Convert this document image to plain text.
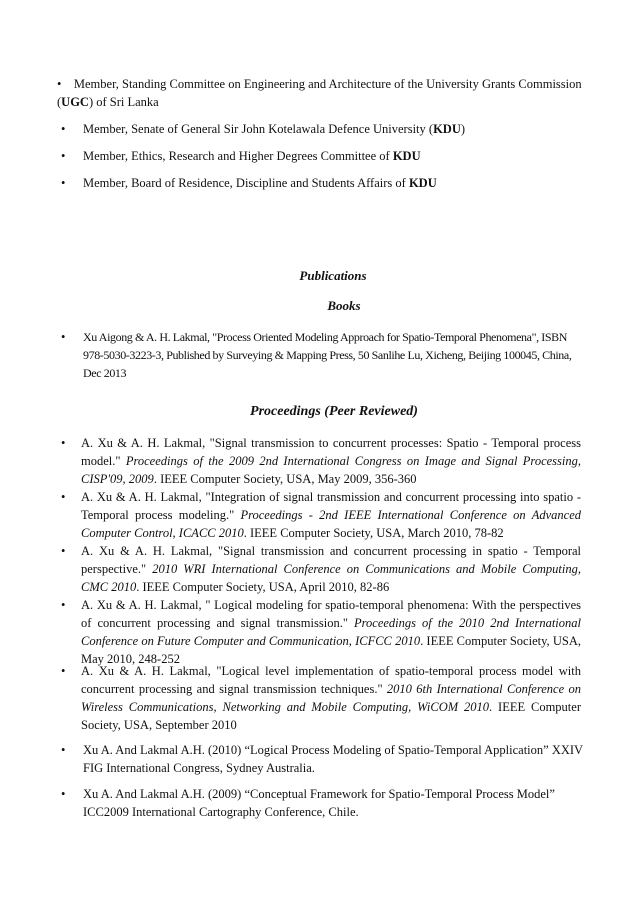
• Member, Standing Committee on Engineering and Architecture of the University Grants Commission (UGC) of Sri Lanka
• Member, Senate of General Sir John Kotelawala Defence University (KDU)
• Member, Ethics, Research and Higher Degrees Committee of KDU
• Member, Board of Residence, Discipline and Students Affairs of KDU
Publications
Books
• Xu Aigong & A. H. Lakmal, "Process Oriented Modeling Approach for Spatio-Temporal Phenomena", ISBN 978-5030-3223-3, Published by Surveying & Mapping Press, 50 Sanlihe Lu, Xicheng, Beijing 100045, China, Dec 2013
Proceedings (Peer Reviewed)
• A. Xu & A. H. Lakmal, "Signal transmission to concurrent processes: Spatio - Temporal process model." Proceedings of the 2009 2nd International Congress on Image and Signal Processing, CISP'09, 2009. IEEE Computer Society, USA, May 2009, 356-360
• A. Xu & A. H. Lakmal, "Integration of signal transmission and concurrent processing into spatio - Temporal process modeling." Proceedings - 2nd IEEE International Conference on Advanced Computer Control, ICACC 2010. IEEE Computer Society, USA, March 2010, 78-82
• A. Xu & A. H. Lakmal, "Signal transmission and concurrent processing in spatio - Temporal perspective." 2010 WRI International Conference on Communications and Mobile Computing, CMC 2010. IEEE Computer Society, USA, April 2010, 82-86
• A. Xu & A. H. Lakmal, " Logical modeling for spatio-temporal phenomena: With the perspectives of concurrent processing and signal transmission." Proceedings of the 2010 2nd International Conference on Future Computer and Communication, ICFCC 2010. IEEE Computer Society, USA, May 2010, 248-252
• A. Xu & A. H. Lakmal, "Logical level implementation of spatio-temporal process model with concurrent processing and signal transmission techniques." 2010 6th International Conference on Wireless Communications, Networking and Mobile Computing, WiCOM 2010. IEEE Computer Society, USA, September 2010
• Xu A. And Lakmal A.H. (2010) “Logical Process Modeling of Spatio-Temporal Application” XXIV FIG International Congress, Sydney Australia.
• Xu A. And Lakmal A.H. (2009) “Conceptual Framework for Spatio-Temporal Process Model” ICC2009 International Cartography Conference, Chile.
